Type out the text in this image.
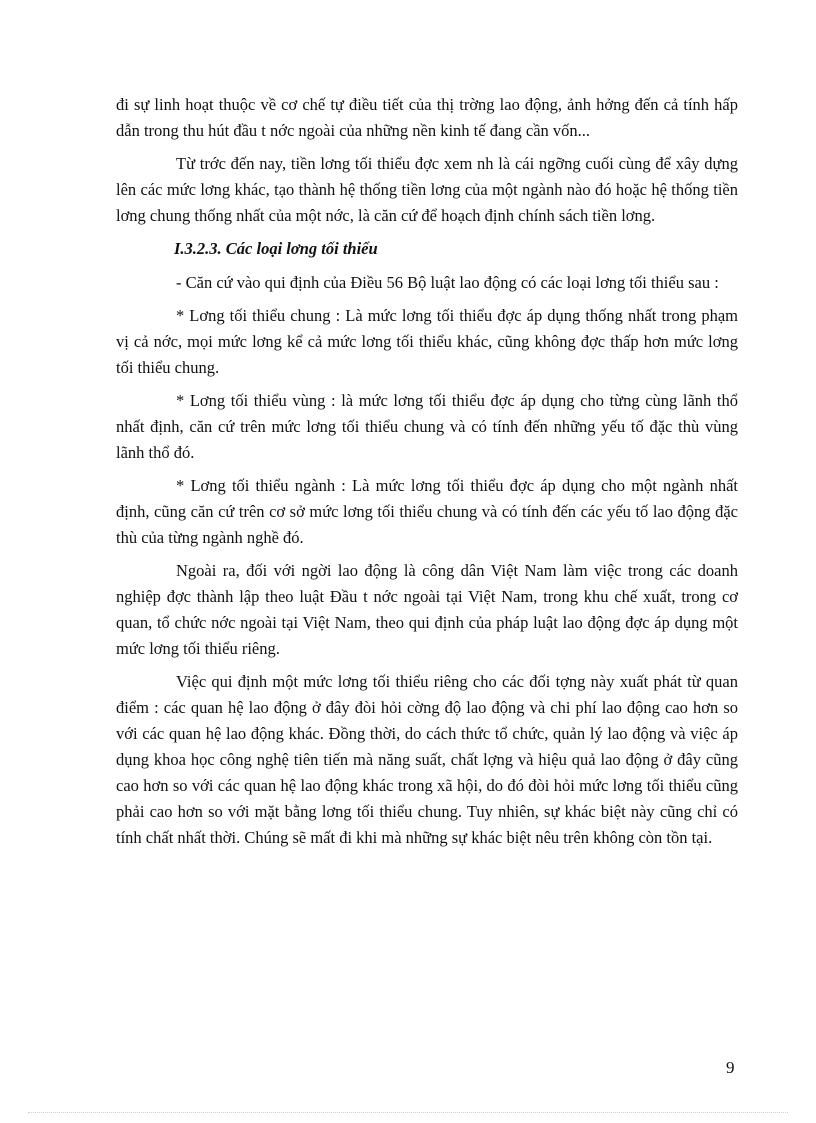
đi sự linh hoạt thuộc về cơ chế tự điều tiết của thị trờng lao động, ảnh hởng đến cả tính hấp dẫn trong thu hút đầu t nớc ngoài của những nền kinh tế đang cần vốn...

Từ trớc đến nay, tiền lơng tối thiểu đợc xem nh là cái ngỡng cuối cùng để xây dựng lên các mức lơng khác, tạo thành hệ thống tiền lơng của một ngành nào đó hoặc hệ thống tiền lơng chung thống nhất của một nớc, là căn cứ để hoạch định chính sách tiền lơng.

I.3.2.3. Các loại lơng tối thiểu

- Căn cứ vào qui định của Điều 56 Bộ luật lao động có các loại lơng tối thiểu sau :

* Lơng tối thiểu chung : Là mức lơng tối thiểu đợc áp dụng thống nhất trong phạm vị cả nớc, mọi mức lơng kể cả mức lơng tối thiểu khác, cũng không đợc thấp hơn mức lơng tối thiểu chung.

* Lơng tối thiểu vùng : là mức lơng tối thiểu đợc áp dụng cho từng cùng lãnh thổ nhất định, căn cứ trên mức lơng tối thiểu chung và có tính đến những yếu tố đặc thù vùng lãnh thổ đó.

* Lơng tối thiểu ngành : Là mức lơng tối thiểu đợc áp dụng cho một ngành nhất định, cũng căn cứ trên cơ sở mức lơng tối thiểu chung và có tính đến các yếu tố lao động đặc thù của từng ngành nghề đó.

Ngoài ra, đối với ngời lao động là công dân Việt Nam làm việc trong các doanh nghiệp đợc thành lập theo luật Đầu t nớc ngoài tại Việt Nam, trong khu chế xuất, trong cơ quan, tổ chức nớc ngoài tại Việt Nam, theo qui định của pháp luật lao động đợc áp dụng một mức lơng tối thiểu riêng.

Việc qui định một mức lơng tối thiểu riêng cho các đối tợng này xuất phát từ quan điểm : các quan hệ lao động ở đây đòi hỏi cờng độ lao động và chi phí lao động cao hơn so với các quan hệ lao động khác. Đồng thời, do cách thức tổ chức, quản lý lao động và việc áp dụng khoa học công nghệ tiên tiến mà năng suất, chất lợng và hiệu quả lao động ở đây cũng cao hơn so với các quan hệ lao động khác trong xã hội, do đó đòi hỏi mức lơng tối thiểu cũng phải cao hơn so với mặt bằng lơng tối thiểu chung. Tuy nhiên, sự khác biệt này cũng chỉ có tính chất nhất thời. Chúng sẽ mất đi khi mà những sự khác biệt nêu trên không còn tồn tại.

9
